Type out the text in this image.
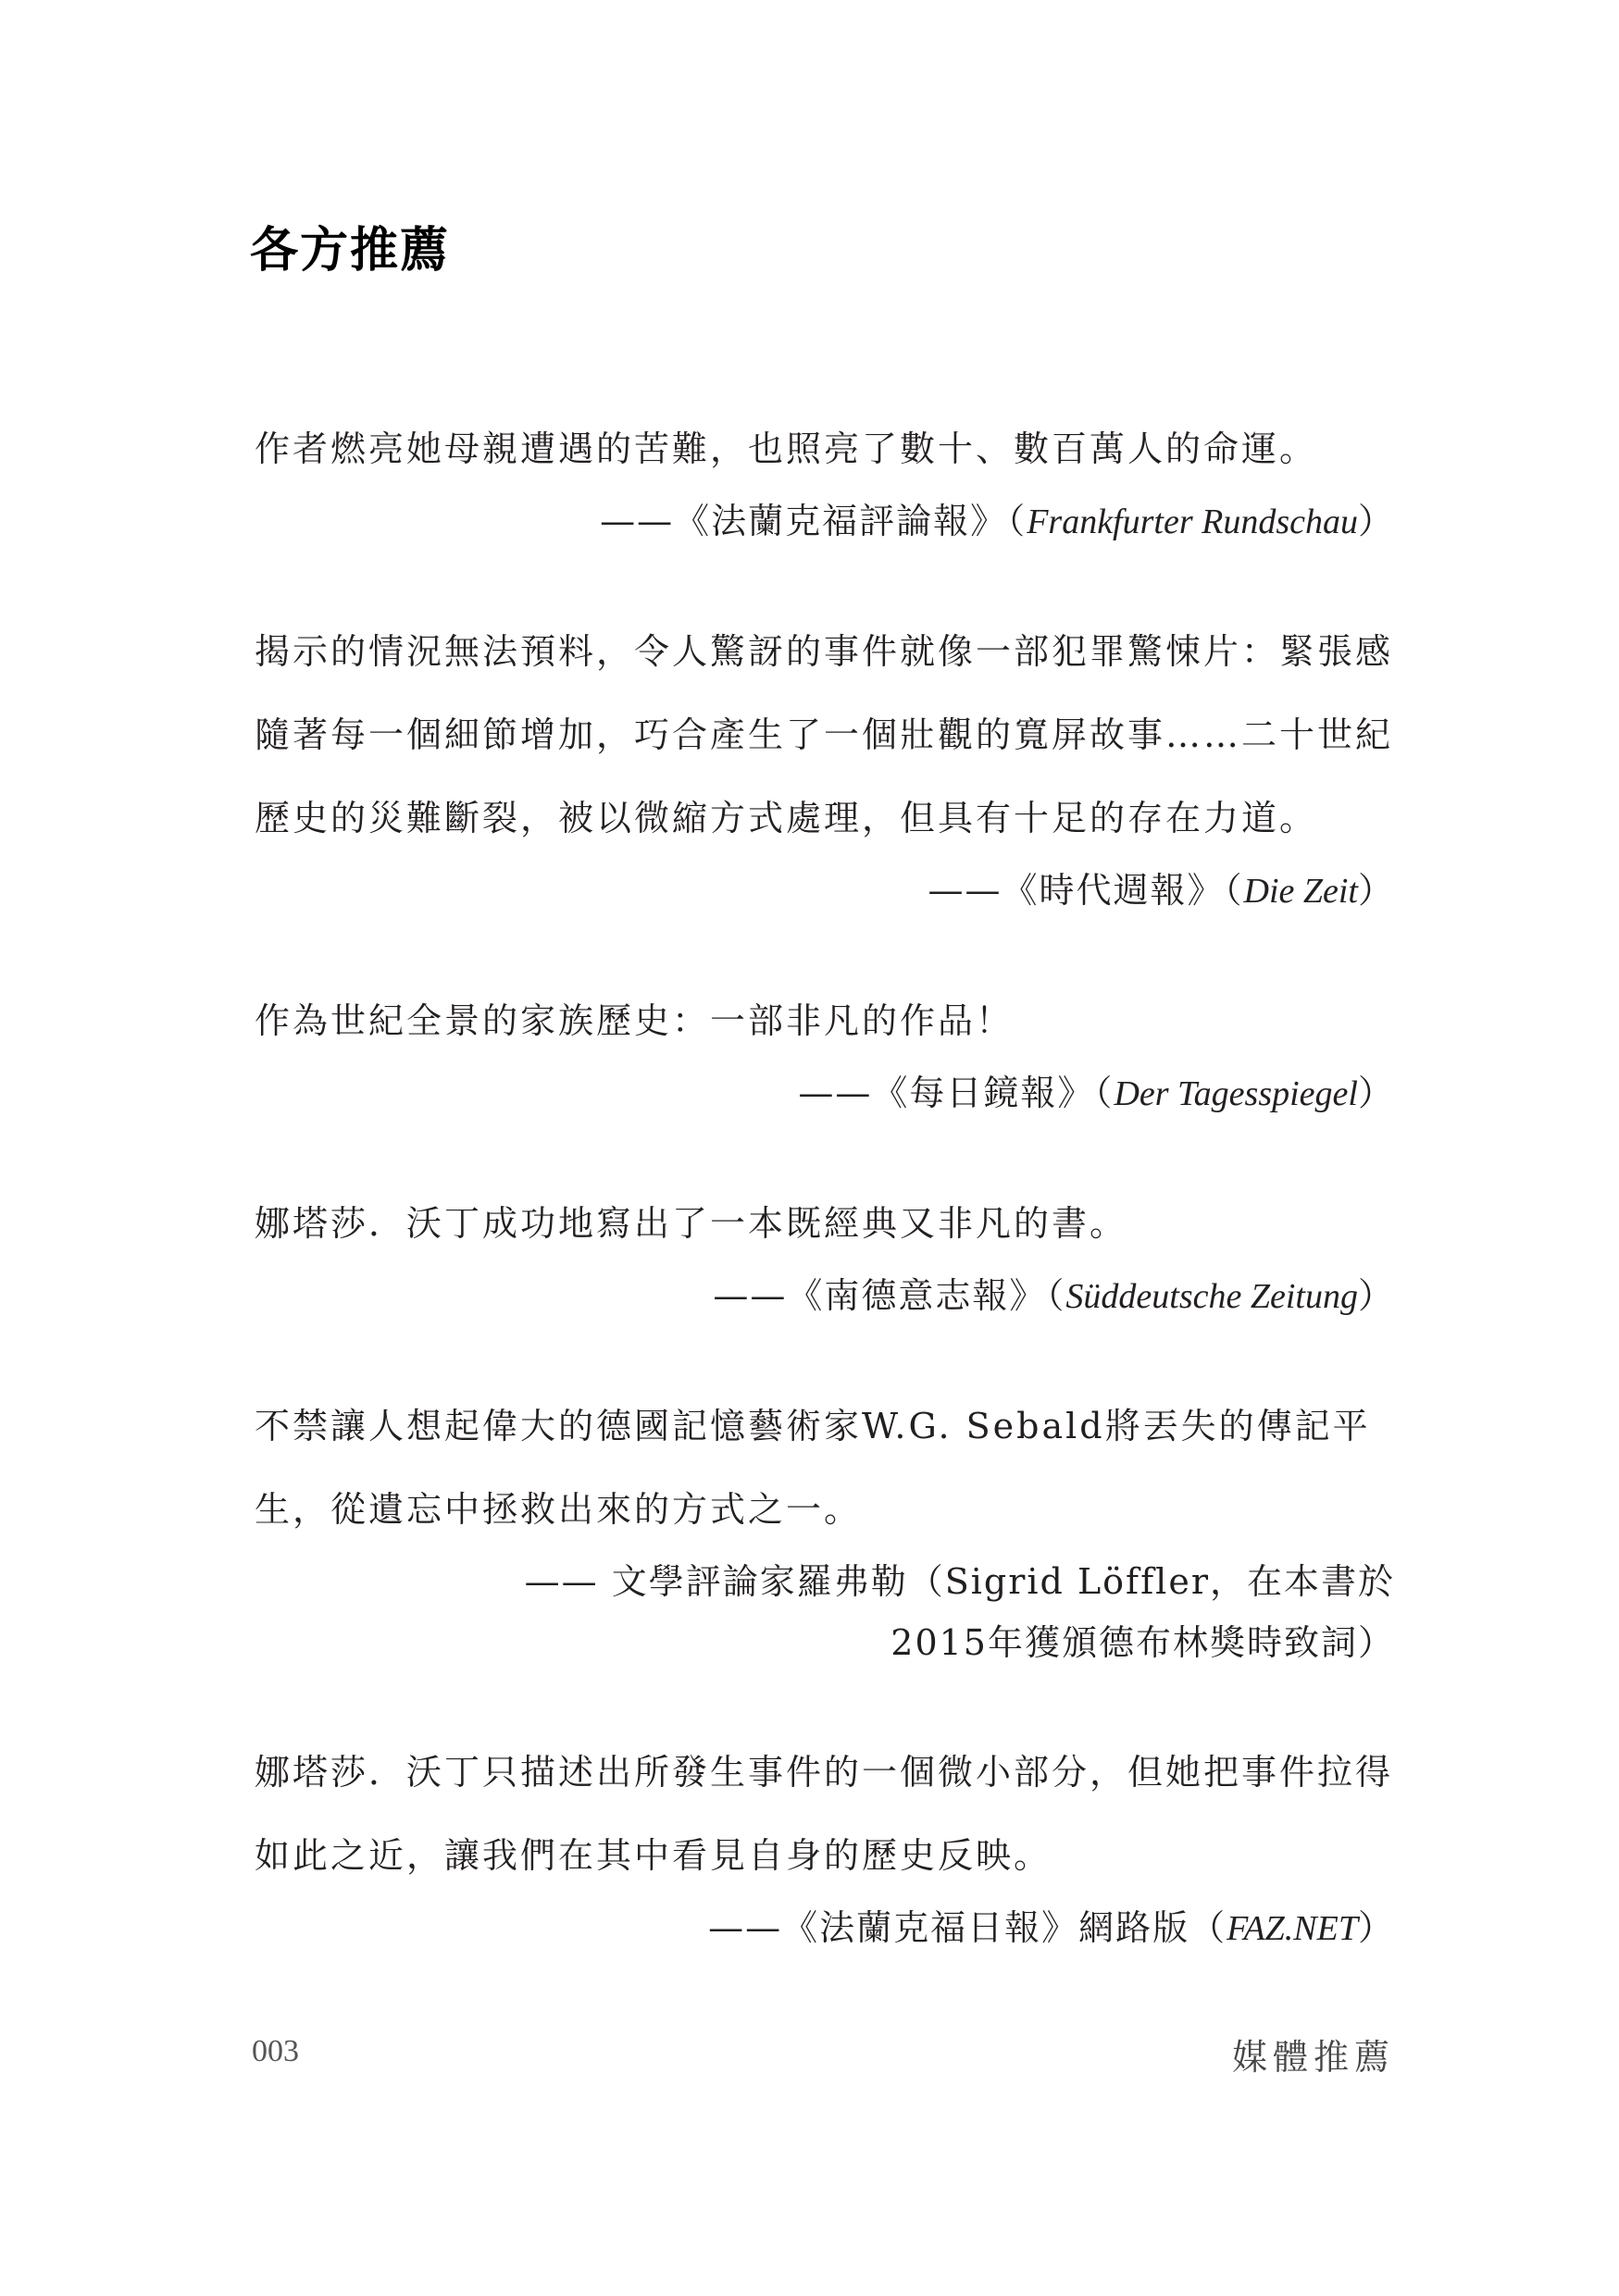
各方推薦
作者燃亮她母親遭遇的苦難，也照亮了數十、數百萬人的命運。
——《法蘭克福評論報》（Frankfurter Rundschau）
揭示的情況無法預料，令人驚訝的事件就像一部犯罪驚悚片：緊張感
隨著每一個細節增加，巧合產生了一個壯觀的寬屏故事……二十世紀
歷史的災難斷裂，被以微縮方式處理，但具有十足的存在力道。
——《時代週報》（Die Zeit）
作為世紀全景的家族歷史：一部非凡的作品！
——《每日鏡報》（Der Tagesspiegel）
娜塔莎．沃丁成功地寫出了一本既經典又非凡的書。
——《南德意志報》（Süddeutsche Zeitung）
不禁讓人想起偉大的德國記憶藝術家W.G. Sebald將丟失的傳記平
生，從遺忘中拯救出來的方式之一。
—— 文學評論家羅弗勒（Sigrid Löffler，在本書於
2015年獲頒德布林獎時致詞）
娜塔莎．沃丁只描述出所發生事件的一個微小部分，但她把事件拉得
如此之近，讓我們在其中看見自身的歷史反映。
——《法蘭克福日報》網路版（FAZ.NET）
003	媒體推薦
